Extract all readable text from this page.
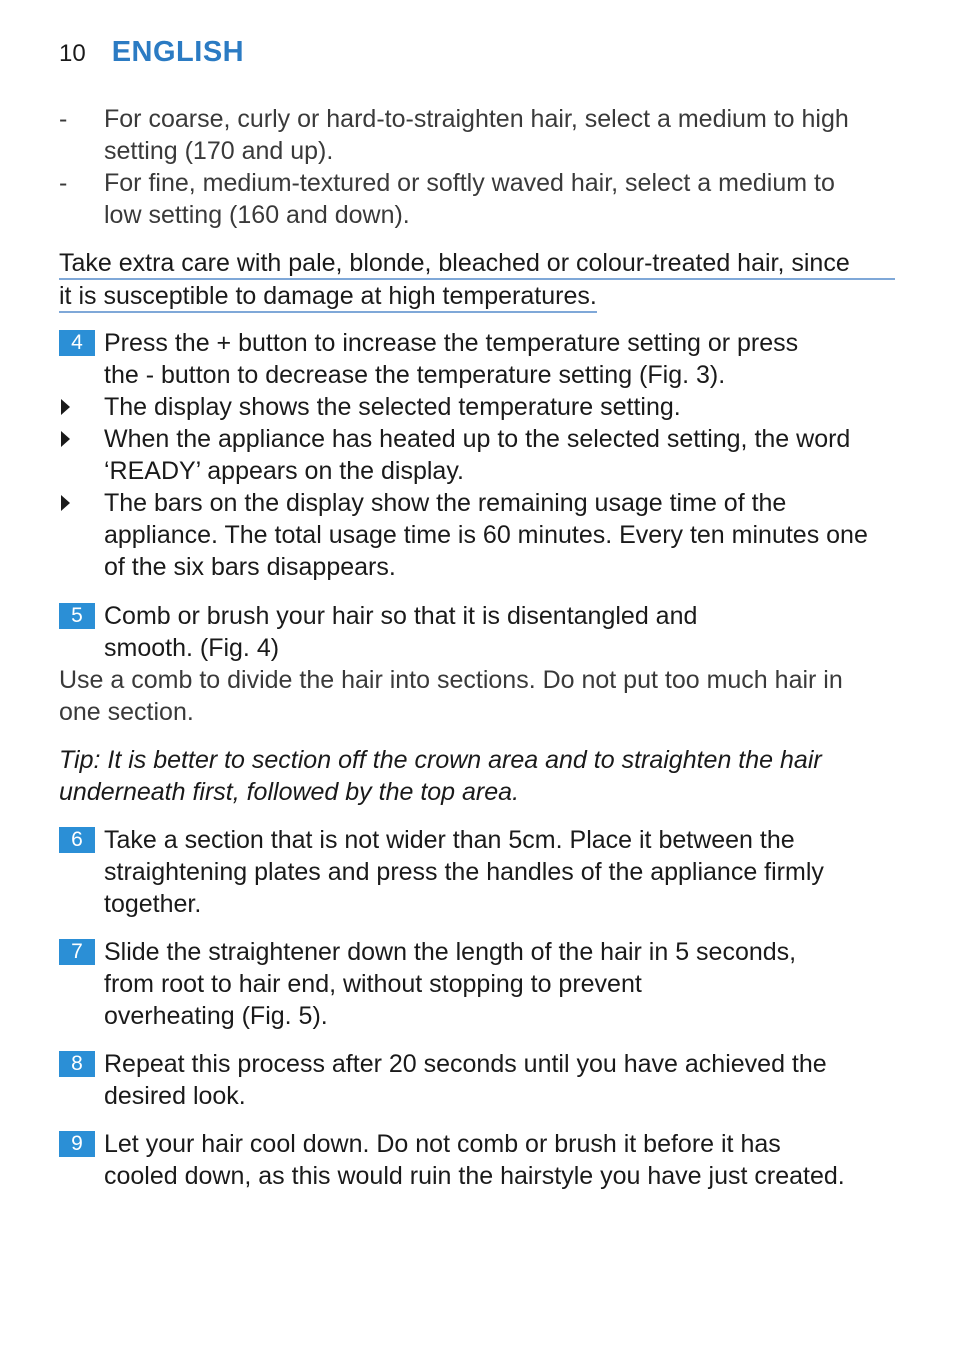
10 ENGLISH
-	For coarse, curly or hard-to-straighten hair, select a medium to high
setting (170 and up).
-	For fine, medium-textured or softly waved hair, select a medium to
low setting (160 and down).
Take extra care with pale, blonde, bleached or colour-treated hair, since
it is susceptible to damage at high temperatures.
4 Press the + button to increase the temperature setting or press
the - button to decrease the temperature setting (Fig. 3).
The display shows the selected temperature setting.
When the appliance has heated up to the selected setting, the word
‘READY’ appears on the display.
The bars on the display show the remaining usage time of the
appliance. The total usage time is 60 minutes. Every ten minutes one
of the six bars disappears.
5 Comb or brush your hair so that it is disentangled and
smooth. (Fig. 4)
Use a comb to divide the hair into sections. Do not put too much hair in
one section.
Tip: It is better to section off the crown area and to straighten the hair
underneath first, followed by the top area.
6 Take a section that is not wider than 5cm. Place it between the
straightening plates and press the handles of the appliance firmly
together.
7 Slide the straightener down the length of the hair in 5 seconds,
from root to hair end, without stopping to prevent
overheating (Fig. 5).
8 Repeat this process after 20 seconds until you have achieved the
desired look.
9 Let your hair cool down. Do not comb or brush it before it has
cooled down, as this would ruin the hairstyle you have just created.
